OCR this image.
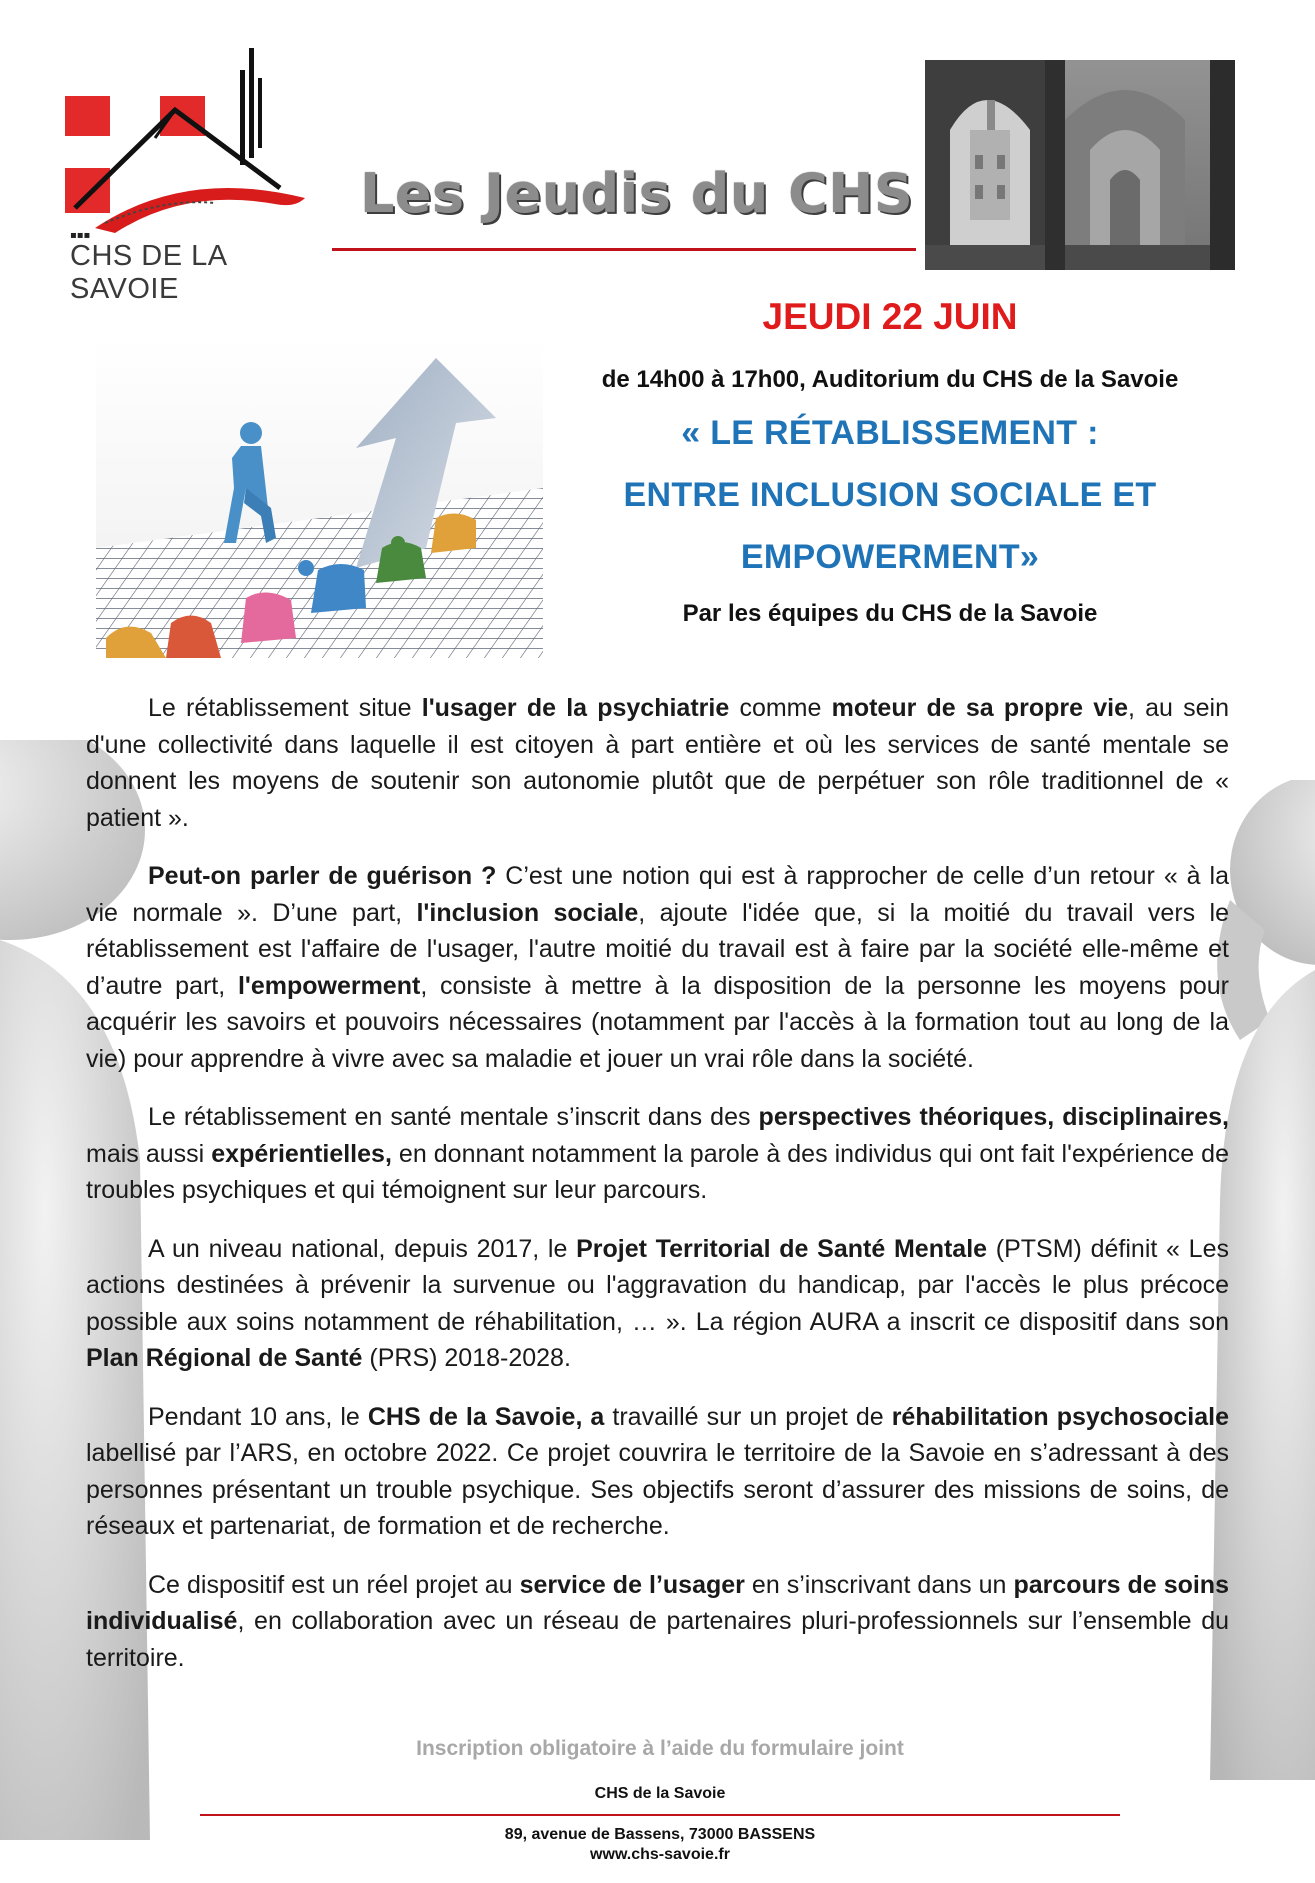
▪▪▪
CHS DE LA SAVOIE
Les Jeudis du CHS
JEUDI 22 JUIN
de 14h00 à 17h00, Auditorium du CHS de la Savoie
« LE RÉTABLISSEMENT :
ENTRE INCLUSION SOCIALE ET
EMPOWERMENT»
Par les équipes du CHS de la Savoie

Le rétablissement situe l'usager de la psychiatrie comme moteur de sa propre vie, au sein d'une collectivité dans laquelle il est citoyen à part entière et où les services de santé mentale se donnent les moyens de soutenir son autonomie plutôt que de perpétuer son rôle traditionnel de « patient ».

Peut-on parler de guérison ? C’est une notion qui est à rapprocher de celle d’un retour « à la vie normale ». D’une part, l'inclusion sociale, ajoute l'idée que, si la moitié du travail vers le rétablissement est l'affaire de l'usager, l'autre moitié du travail est à faire par la société elle-même et d’autre part, l'empowerment, consiste à mettre à la disposition de la personne les moyens pour acquérir les savoirs et pouvoirs nécessaires (notamment par l'accès à la formation tout au long de la vie) pour apprendre à vivre avec sa maladie et jouer un vrai rôle dans la société.

Le rétablissement en santé mentale s’inscrit dans des perspectives théoriques, disciplinaires, mais aussi expérientielles, en donnant notamment la parole à des individus qui ont fait l'expérience de troubles psychiques et qui témoignent sur leur parcours.

A un niveau national, depuis 2017, le Projet Territorial de Santé Mentale (PTSM) définit « Les actions destinées à prévenir la survenue ou l'aggravation du handicap, par l'accès le plus précoce possible aux soins notamment de réhabilitation, … ». La région AURA a inscrit ce dispositif dans son Plan Régional de Santé (PRS) 2018-2028.

Pendant 10 ans, le CHS de la Savoie, a travaillé sur un projet de réhabilitation psychosociale labellisé par l’ARS, en octobre 2022. Ce projet couvrira le territoire de la Savoie en s’adressant à des personnes présentant un trouble psychique. Ses objectifs seront d’assurer des missions de soins, de réseaux et partenariat, de formation et de recherche.

Ce dispositif est un réel projet au service de l’usager en s’inscrivant dans un parcours de soins individualisé, en collaboration avec un réseau de partenaires pluri-professionnels sur l’ensemble du territoire.

Inscription obligatoire à l’aide du formulaire joint
CHS de la Savoie
89, avenue de Bassens, 73000 BASSENS
www.chs-savoie.fr
